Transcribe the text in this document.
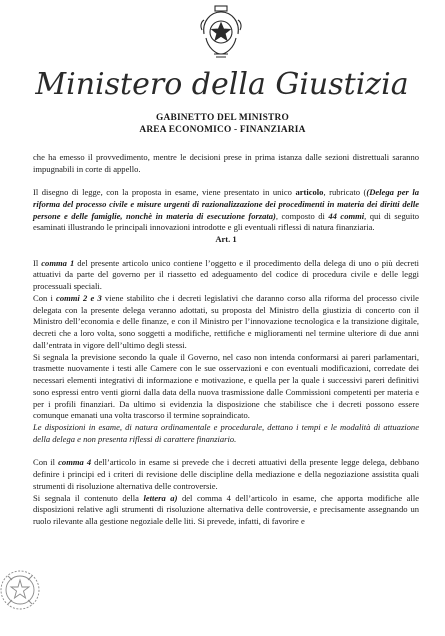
Ministero della Giustizia
GABINETTO DEL MINISTRO
AREA ECONOMICO - FINANZIARIA

che ha emesso il provvedimento, mentre le decisioni prese in prima istanza dalle sezioni distrettuali saranno impugnabili in corte di appello.

Il disegno di legge, con la proposta in esame, viene presentato in unico articolo, rubricato ((Delega per la riforma del processo civile e misure urgenti di razionalizzazione dei procedimenti in materia dei diritti delle persone e delle famiglie, nonchè in materia di esecuzione forzata), composto di 44 commi, qui di seguito esaminati illustrando le principali innovazioni introdotte e gli eventuali riflessi di natura finanziaria.

Art. 1

Il comma 1 del presente articolo unico contiene l’oggetto e il procedimento della delega di uno o più decreti attuativi da parte del governo per il riassetto ed adeguamento del codice di procedura civile e delle leggi processuali speciali.

Con i commi 2 e 3 viene stabilito che i decreti legislativi che daranno corso alla riforma del processo civile delegata con la presente delega veranno adottati, su proposta del Ministro della giustizia di concerto con il Ministro dell’economia e delle finanze, e con il Ministro per l’innovazione tecnologica e la transizione digitale, decreti che a loro volta, sono soggetti a modifiche, rettifiche e miglioramenti nel termine ulteriore di due anni dall’entrata in vigore dell’ultimo degli stessi.

Si segnala la previsione secondo la quale il Governo, nel caso non intenda conformarsi ai pareri parlamentari, trasmette nuovamente i testi alle Camere con le sue osservazioni e con eventuali modificazioni, corredate dei necessari elementi integrativi di informazione e motivazione, e quella per la quale i successivi pareri definitivi sono espressi entro venti giorni dalla data della nuova trasmissione dalle Commissioni competenti per materia e per i profili finanziari. Da ultimo si evidenzia la disposizione che stabilisce che i decreti possono essere comunque emanati una volta trascorso il termine sopraindicato.

Le disposizioni in esame, di natura ordinamentale e procedurale, dettano i tempi e le modalità di attuazione della delega e non presenta riflessi di carattere finanziario.

Con il comma 4 dell’articolo in esame si prevede che i decreti attuativi della presente legge delega, debbano definire i principi ed i criteri di revisione delle discipline della mediazione e della negoziazione assistita quali strumenti di risoluzione alternativa delle controversie.

Si segnala il contenuto della lettera a) del comma 4 dell’articolo in esame, che apporta modifiche alle disposizioni relative agli strumenti di risoluzione alternativa delle controversie, e precisamente assegnando un ruolo rilevante alla gestione negoziale delle liti. Si prevede, infatti, di favorire e
